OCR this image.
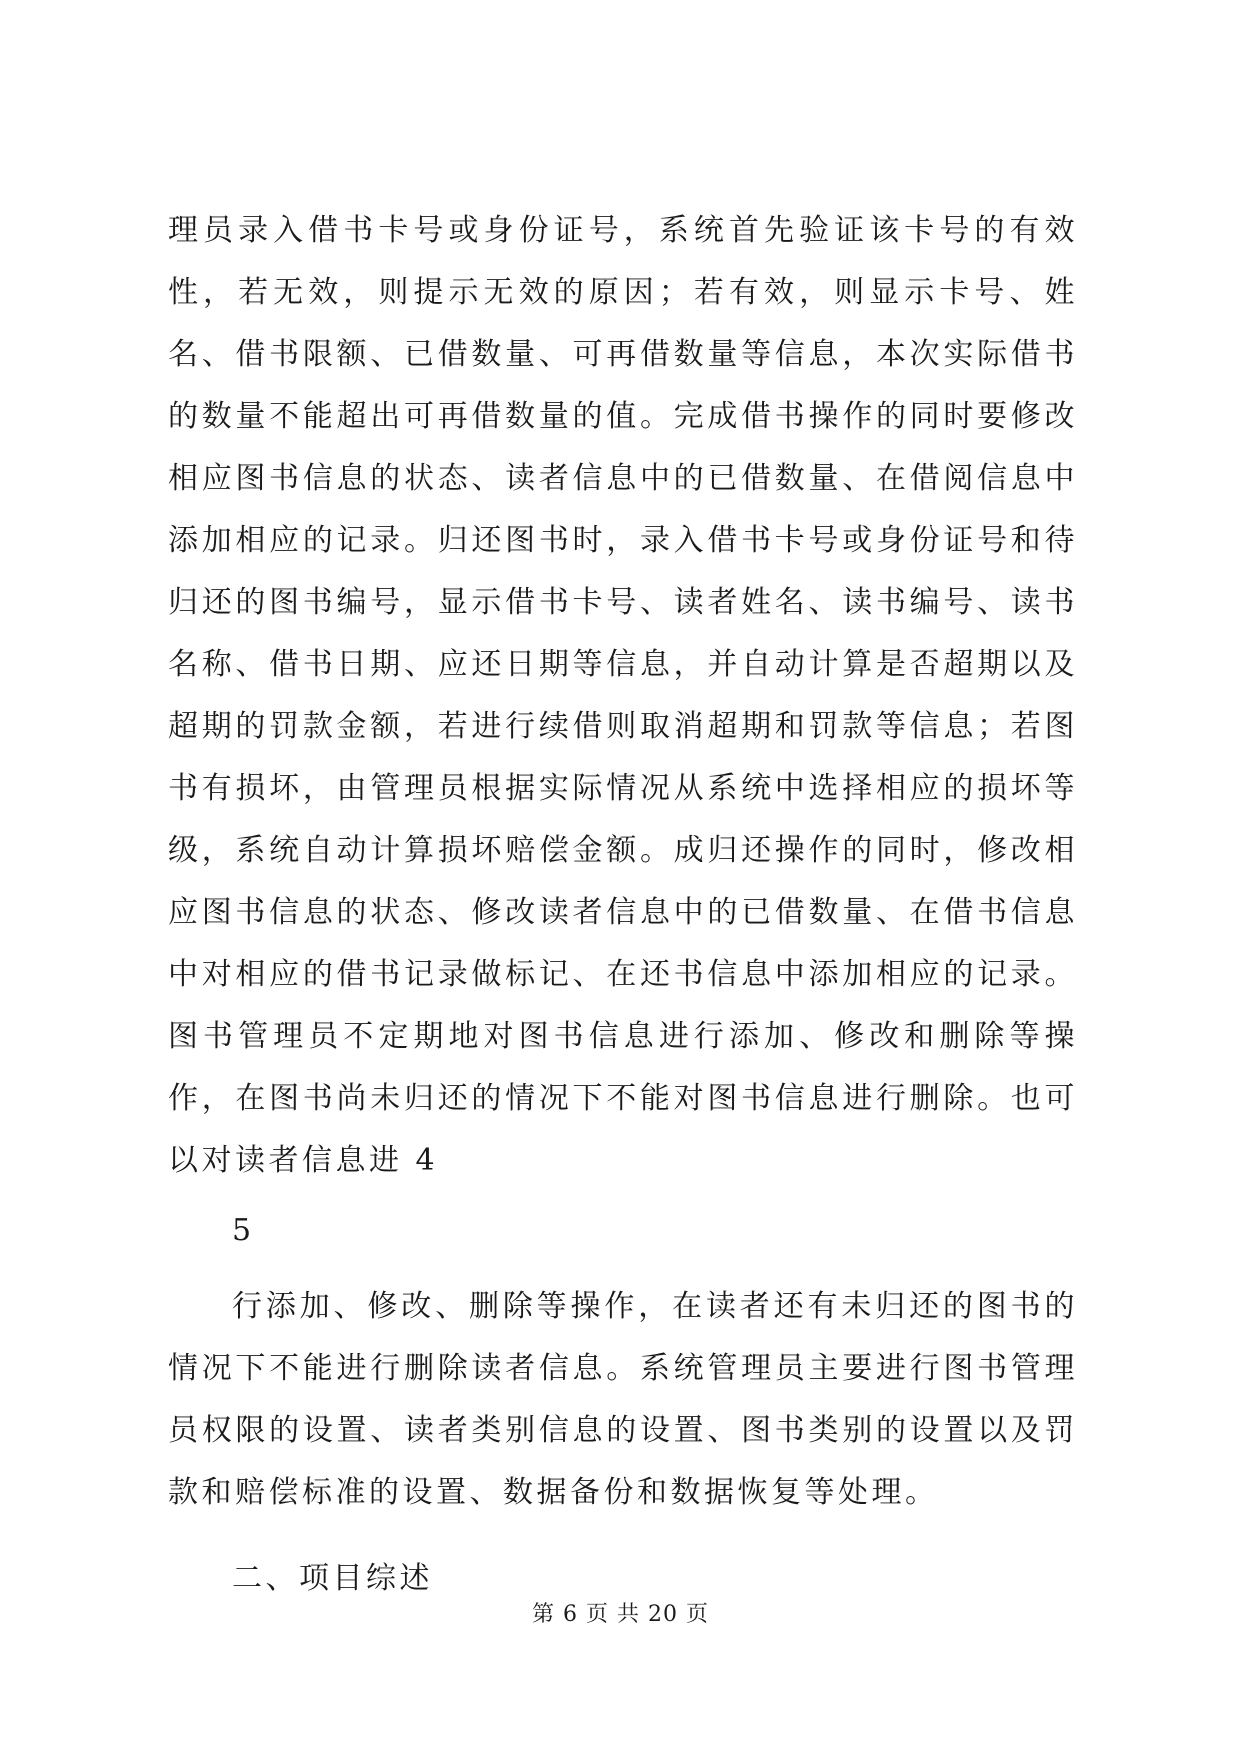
理员录入借书卡号或身份证号，系统首先验证该卡号的有效性，若无效，则提示无效的原因；若有效，则显示卡号、姓名、借书限额、已借数量、可再借数量等信息，本次实际借书的数量不能超出可再借数量的值。完成借书操作的同时要修改相应图书信息的状态、读者信息中的已借数量、在借阅信息中添加相应的记录。归还图书时，录入借书卡号或身份证号和待归还的图书编号，显示借书卡号、读者姓名、读书编号、读书名称、借书日期、应还日期等信息，并自动计算是否超期以及超期的罚款金额，若进行续借则取消超期和罚款等信息；若图书有损坏，由管理员根据实际情况从系统中选择相应的损坏等级，系统自动计算损坏赔偿金额。成归还操作的同时，修改相应图书信息的状态、修改读者信息中的已借数量、在借书信息中对相应的借书记录做标记、在还书信息中添加相应的记录。图书管理员不定期地对图书信息进行添加、修改和删除等操作，在图书尚未归还的情况下不能对图书信息进行删除。也可以对读者信息进 4

5

行添加、修改、删除等操作，在读者还有未归还的图书的情况下不能进行删除读者信息。系统管理员主要进行图书管理员权限的设置、读者类别信息的设置、图书类别的设置以及罚款和赔偿标准的设置、数据备份和数据恢复等处理。

二、项目综述

第 6 页 共 20 页
